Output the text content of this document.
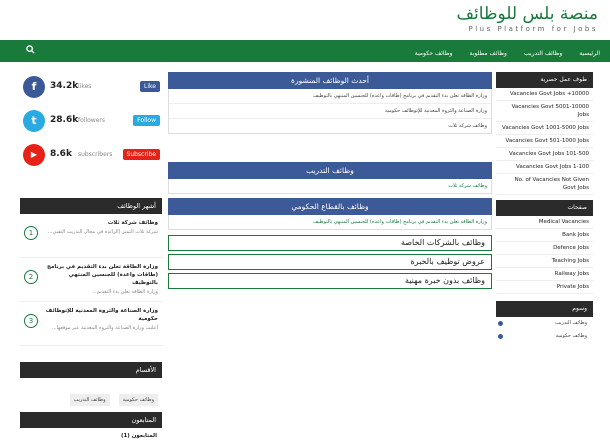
منصة بلس للوظائف
Plus Platform for Jobs
الرئيسية وظائف التدريب وظائف مطلوبة وظائف حكومية
f	34.2k likes	Like
t	28.6k followers	Follow
▶	8.6k subscribers	Subscribe
أشهر الوظائف
1
وظائف شركة ثلات
شركة ثلات التميز (الرائدة في مجال التدريب التقني...
2
وزارة الطاقة تعلن بدء التقديم في برنامج (طاقات واعدة) للجنسين المنتهي بالتوظيف
وزارة الطاقة تعلن بدء التقديم...
3
وزارة الصناعة والثروة المعدنية للإتوظائف حكومية
أعلنت وزارة الصناعة والثروة المعدنية عبر موقعها...
الأقسام
وظائف حكومية وظائف التدريب
المتابعون
المتابعون (1)
أحدث الوظائف المنشورة
وزارة الطاقة تعلن بدء التقديم في برنامج (طاقات واعدة) للجنسين المنتهي بالتوظيف
وزارة الصناعة والثروة المعدنية للإتوظائف حكومية
وظائف شركة ثلات
وظائف التدريب
وظائف شركة ثلات
وظائف بالقطاع الحكومي
وزارة الطاقة تعلن بدء التقديم في برنامج (طاقات واعدة) للجنسين المنتهي بالتوظيف
وظائف بالشركات الخاصة
عروض توظيف بالخبرة
وظائف بدون خبرة مهنية
طوف عمل حصرية
Vacancies Govt Jobs +10000
Vacancies Govt 5001-10000 Jobs
Vacancies Govt 1001-5000 Jobs
Vacancies Govt 501-1000 Jobs
Vacancies Govt Jobs 101-500
Vacancies Govt Jobs 1-100
No. of Vacancies Not Given Govt Jobs
صفحات
Medical Vacancies
Bank Jobs
Defence Jobs
Teaching Jobs
Railway Jobs
Private Jobs
وسوم
وظائف التدريب
وظائف حكومية
